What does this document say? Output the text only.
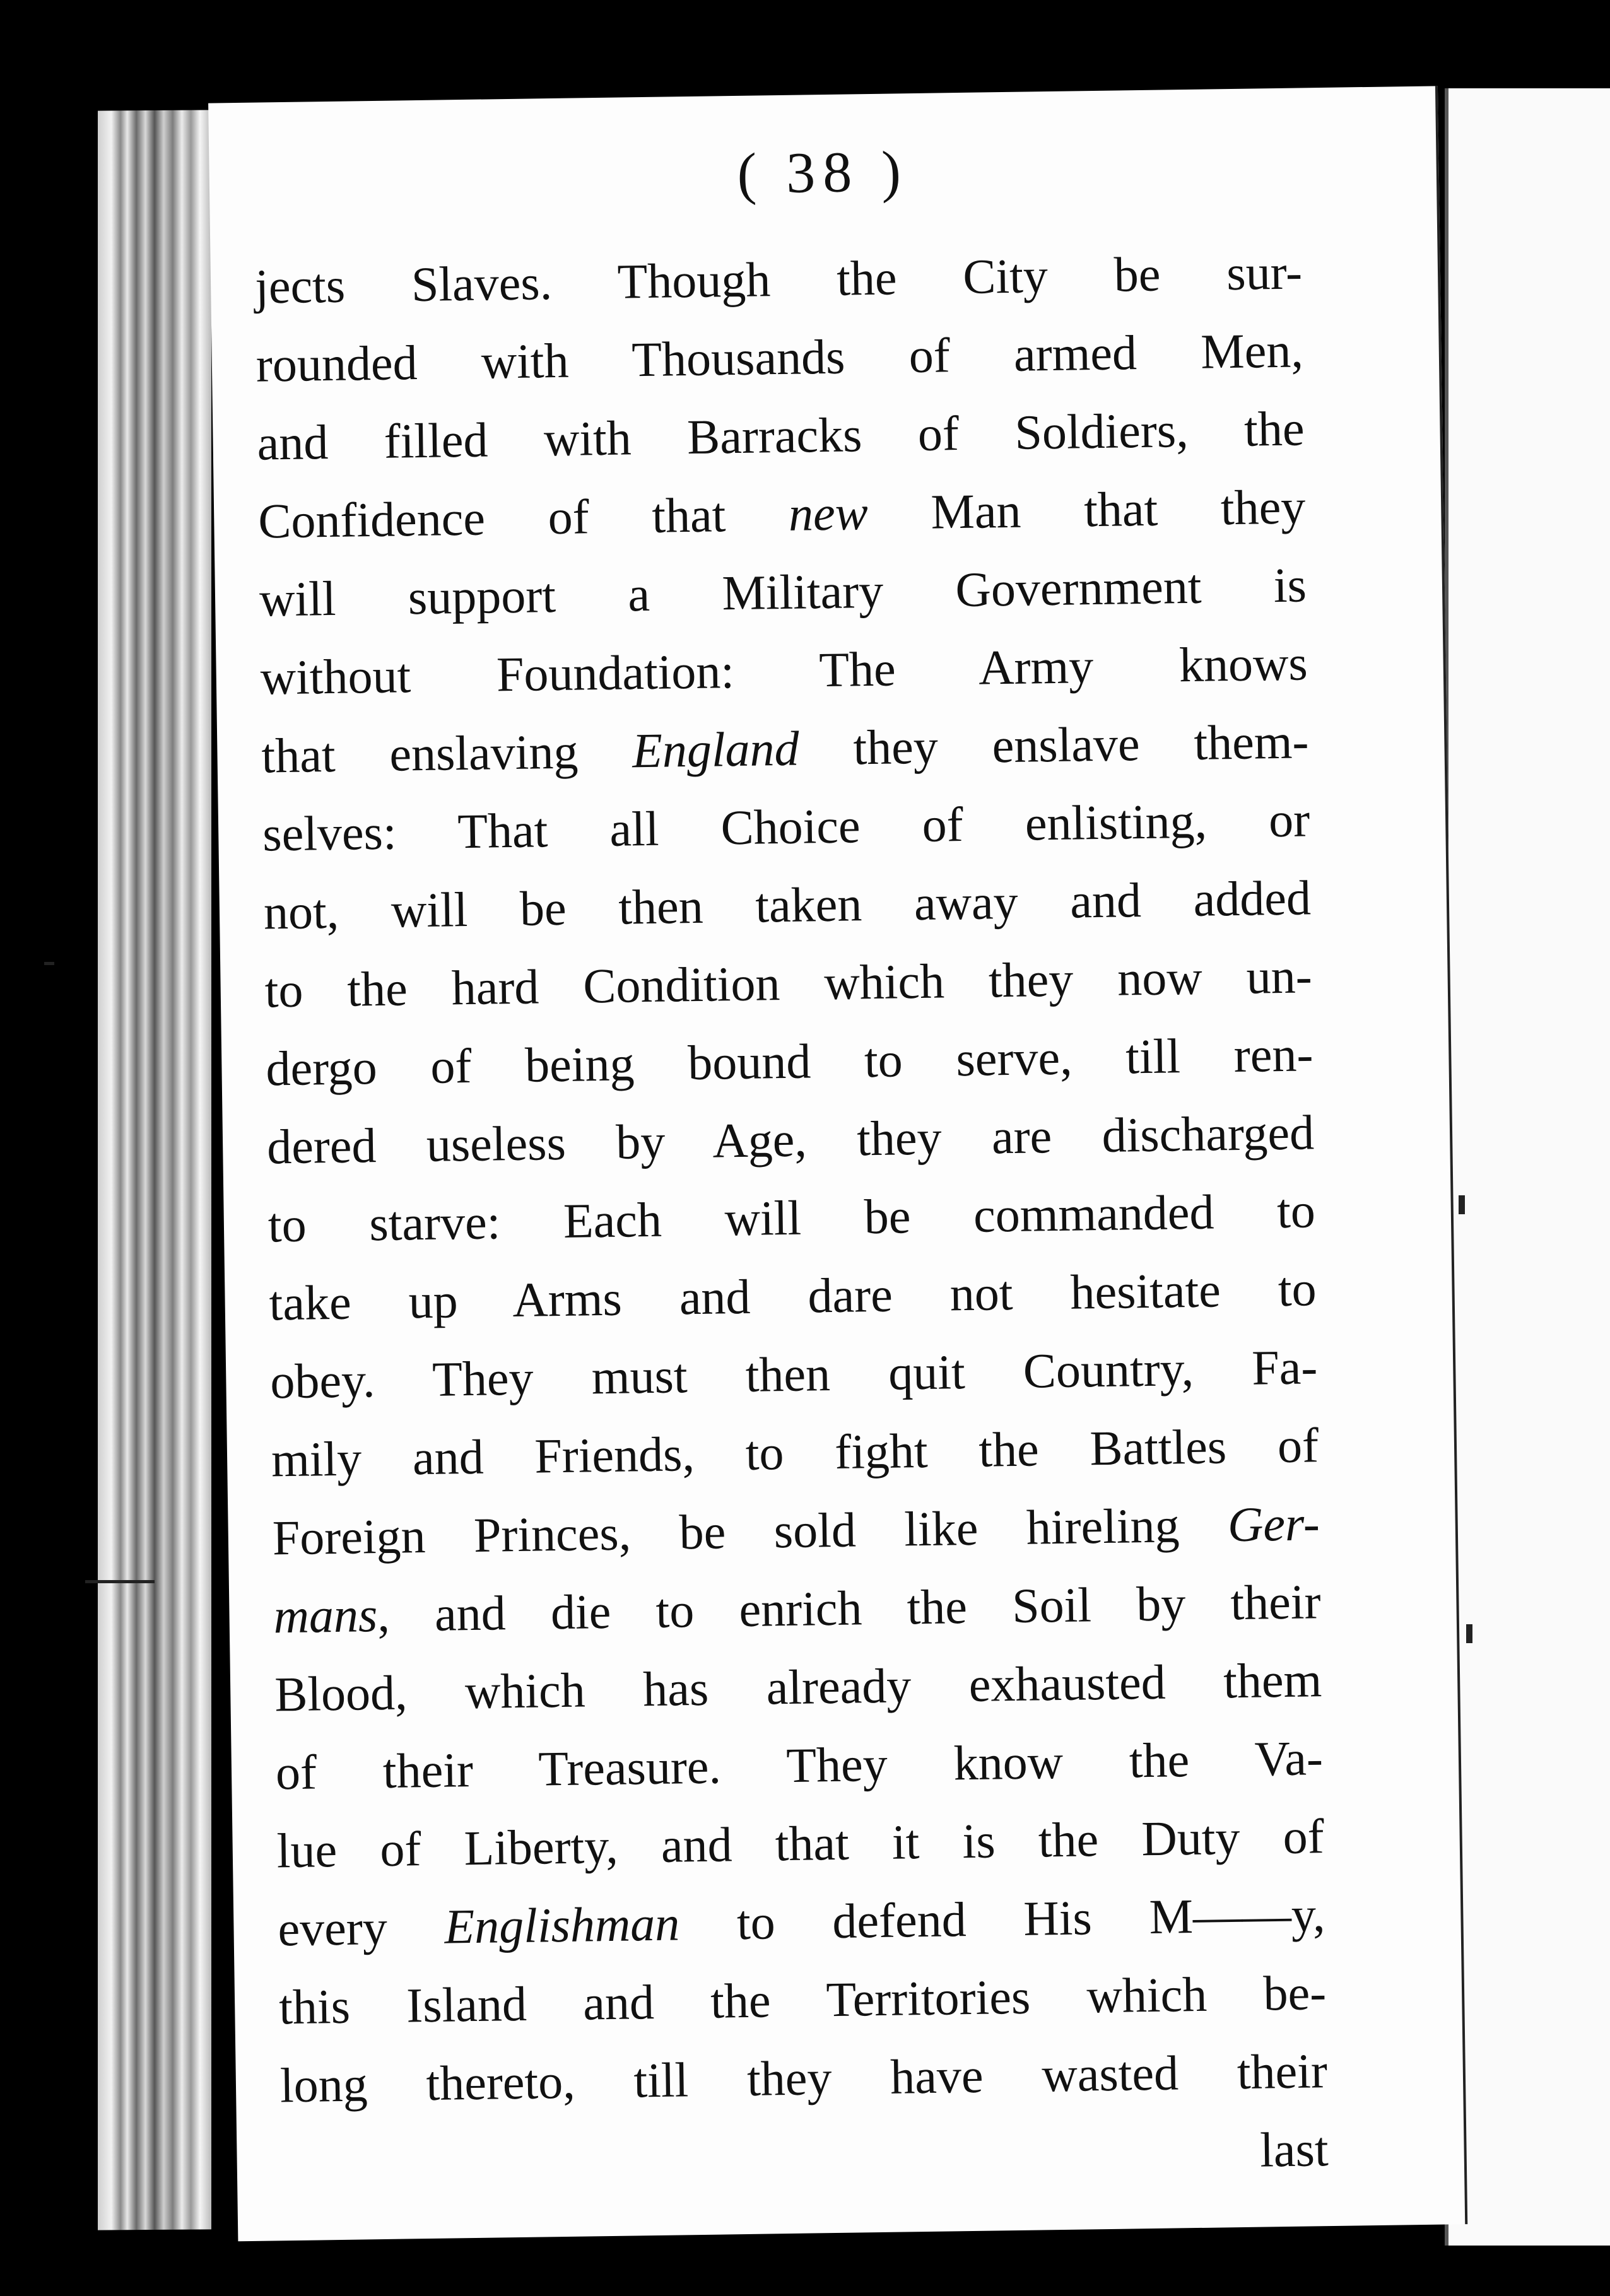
( 38 )
jects Slaves. Though the City be sur-
rounded with Thousands of armed Men,
and filled with Barracks of Soldiers, the
Confidence of that new Man that they
will support a Military Government is
without Foundation: The Army knows
that enslaving England they enslave them-
selves: That all Choice of enlisting, or
not, will be then taken away and added
to the hard Condition which they now un-
dergo of being bound to serve, till ren-
dered useless by Age, they are discharged
to starve: Each will be commanded to
take up Arms and dare not hesitate to
obey. They must then quit Country, Fa-
mily and Friends, to fight the Battles of
Foreign Princes, be sold like hireling Ger-
mans, and die to enrich the Soil by their
Blood, which has already exhausted them
of their Treasure. They know the Va-
lue of Liberty, and that it is the Duty of
every Englishman to defend His M——y,
this Island and the Territories which be-
long thereto, till they have wasted their
last
